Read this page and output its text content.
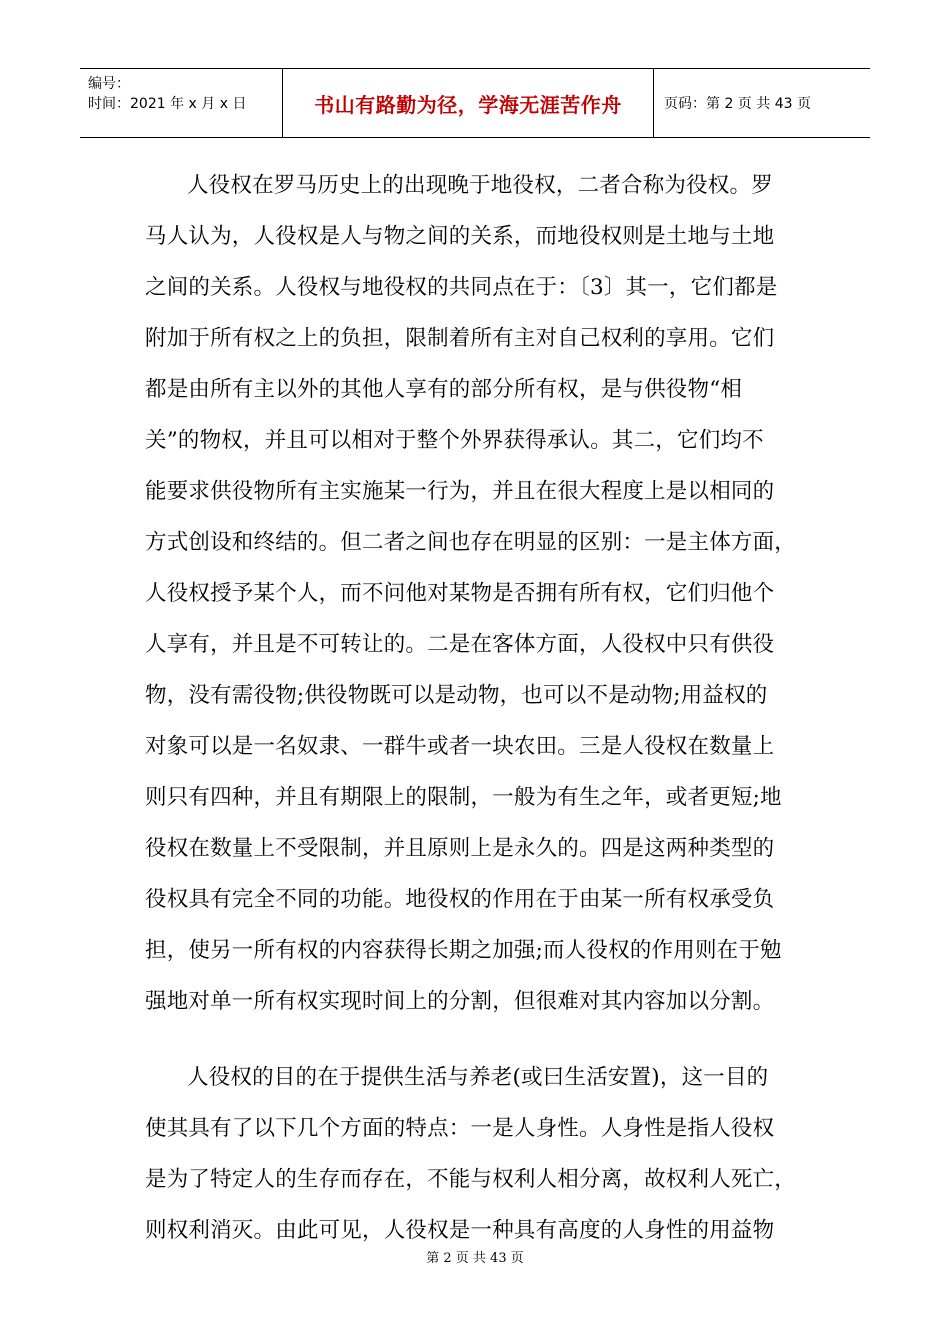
编号：
时间：2021 年 x 月 x 日	书山有路勤为径，学海无涯苦作舟	页码：第 2 页 共 43 页
人役权在罗马历史上的出现晚于地役权，二者合称为役权。罗
马人认为，人役权是人与物之间的关系，而地役权则是土地与土地
之间的关系。人役权与地役权的共同点在于：〔3〕其一，它们都是
附加于所有权之上的负担，限制着所有主对自己权利的享用。它们
都是由所有主以外的其他人享有的部分所有权，是与供役物“相
关”的物权，并且可以相对于整个外界获得承认。其二，它们均不
能要求供役物所有主实施某一行为，并且在很大程度上是以相同的
方式创设和终结的。但二者之间也存在明显的区别：一是主体方面，
人役权授予某个人，而不问他对某物是否拥有所有权，它们归他个
人享有，并且是不可转让的。二是在客体方面，人役权中只有供役
物，没有需役物;供役物既可以是动物，也可以不是动物;用益权的
对象可以是一名奴隶、一群牛或者一块农田。三是人役权在数量上
则只有四种，并且有期限上的限制，一般为有生之年，或者更短;地
役权在数量上不受限制，并且原则上是永久的。四是这两种类型的
役权具有完全不同的功能。地役权的作用在于由某一所有权承受负
担，使另一所有权的内容获得长期之加强;而人役权的作用则在于勉
强地对单一所有权实现时间上的分割，但很难对其内容加以分割。
人役权的目的在于提供生活与养老(或曰生活安置)，这一目的
使其具有了以下几个方面的特点：一是人身性。人身性是指人役权
是为了特定人的生存而存在，不能与权利人相分离，故权利人死亡，
则权利消灭。由此可见，人役权是一种具有高度的人身性的用益物
第 2 页 共 43 页
